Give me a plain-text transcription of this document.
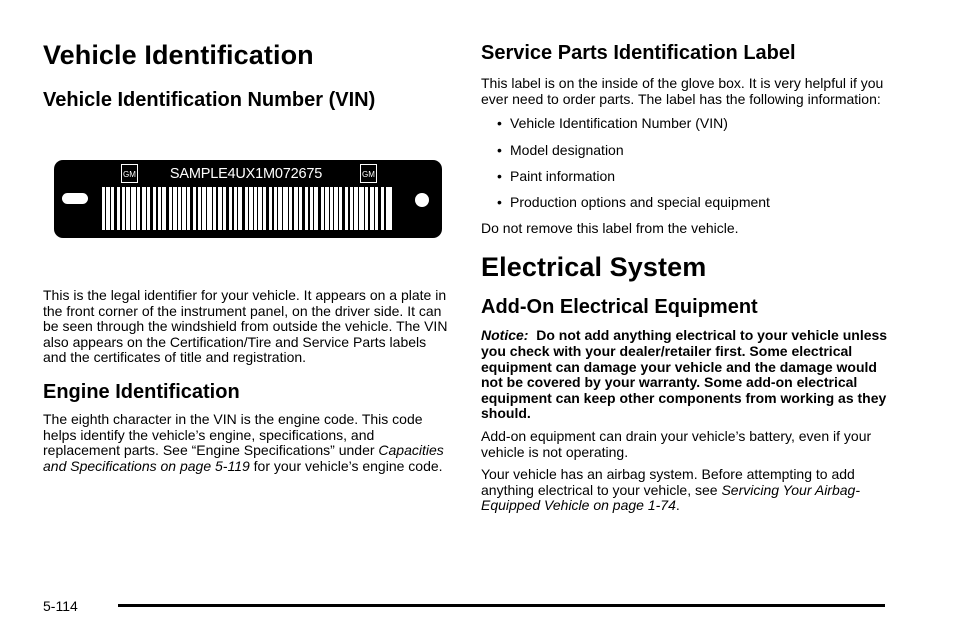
Vehicle Identification
Vehicle Identification Number (VIN)
GM	SAMPLE4UX1M072675	GM

This is the legal identifier for your vehicle. It appears on a plate in the front corner of the instrument panel, on the driver side. It can be seen through the windshield from outside the vehicle. The VIN also appears on the Certification/Tire and Service Parts labels and the certificates of title and registration.

Engine Identification

The eighth character in the VIN is the engine code. This code helps identify the vehicle’s engine, specifications, and replacement parts. See “Engine Specifications” under Capacities and Specifications on page 5-119 for your vehicle’s engine code.

Service Parts Identification Label

This label is on the inside of the glove box. It is very helpful if you ever need to order parts. The label has the following information:

• Vehicle Identification Number (VIN)
• Model designation
• Paint information
• Production options and special equipment

Do not remove this label from the vehicle.

Electrical System
Add-On Electrical Equipment

Notice: Do not add anything electrical to your vehicle unless you check with your dealer/retailer first. Some electrical equipment can damage your vehicle and the damage would not be covered by your warranty. Some add-on electrical equipment can keep other components from working as they should.

Add-on equipment can drain your vehicle’s battery, even if your vehicle is not operating.

Your vehicle has an airbag system. Before attempting to add anything electrical to your vehicle, see Servicing Your Airbag-Equipped Vehicle on page 1-74.

5-114
